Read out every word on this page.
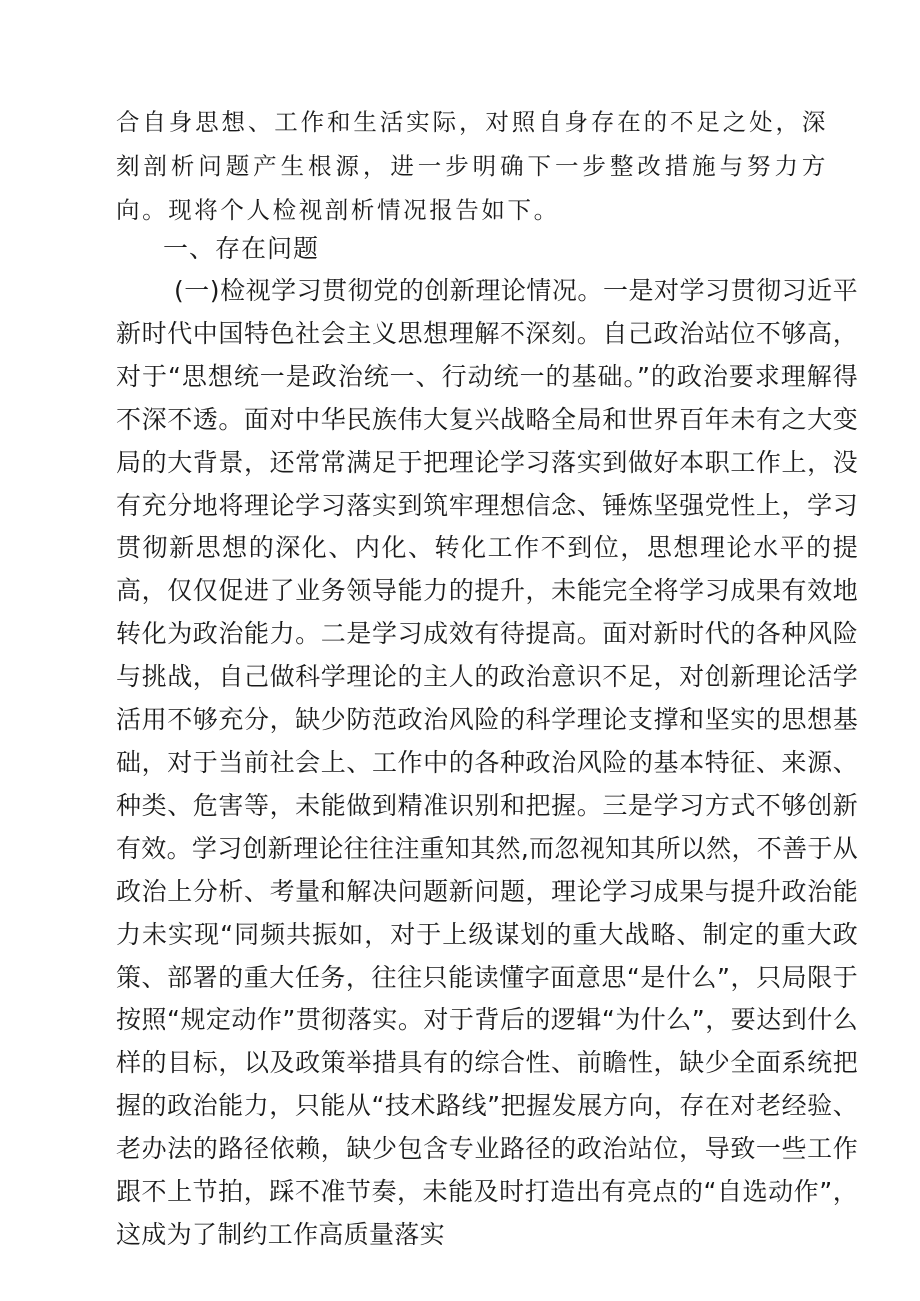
合自身思想、工作和生活实际，对照自身存在的不足之处，深刻剖析问题产生根源，进一步明确下一步整改措施与努力方向。现将个人检视剖析情况报告如下。

一、存在问题

(一)检视学习贯彻党的创新理论情况。一是对学习贯彻习近平新时代中国特色社会主义思想理解不深刻。自己政治站位不够高，对于“思想统一是政治统一、行动统一的基础。”的政治要求理解得不深不透。面对中华民族伟大复兴战略全局和世界百年未有之大变局的大背景，还常常满足于把理论学习落实到做好本职工作上，没有充分地将理论学习落实到筑牢理想信念、锤炼坚强党性上，学习贯彻新思想的深化、内化、转化工作不到位，思想理论水平的提高，仅仅促进了业务领导能力的提升，未能完全将学习成果有效地转化为政治能力。二是学习成效有待提高。面对新时代的各种风险与挑战，自己做科学理论的主人的政治意识不足，对创新理论活学活用不够充分，缺少防范政治风险的科学理论支撑和坚实的思想基础，对于当前社会上、工作中的各种政治风险的基本特征、来源、种类、危害等，未能做到精准识别和把握。三是学习方式不够创新有效。学习创新理论往往注重知其然,而忽视知其所以然，不善于从政治上分析、考量和解决问题新问题，理论学习成果与提升政治能力未实现“同频共振如，对于上级谋划的重大战略、制定的重大政策、部署的重大任务，往往只能读懂字面意思“是什么”，只局限于按照“规定动作”贯彻落实。对于背后的逻辑“为什么”，要达到什么样的目标，以及政策举措具有的综合性、前瞻性，缺少全面系统把握的政治能力，只能从“技术路线”把握发展方向，存在对老经验、老办法的路径依赖，缺少包含专业路径的政治站位，导致一些工作跟不上节拍，踩不准节奏，未能及时打造出有亮点的“自选动作”，这成为了制约工作高质量落实
